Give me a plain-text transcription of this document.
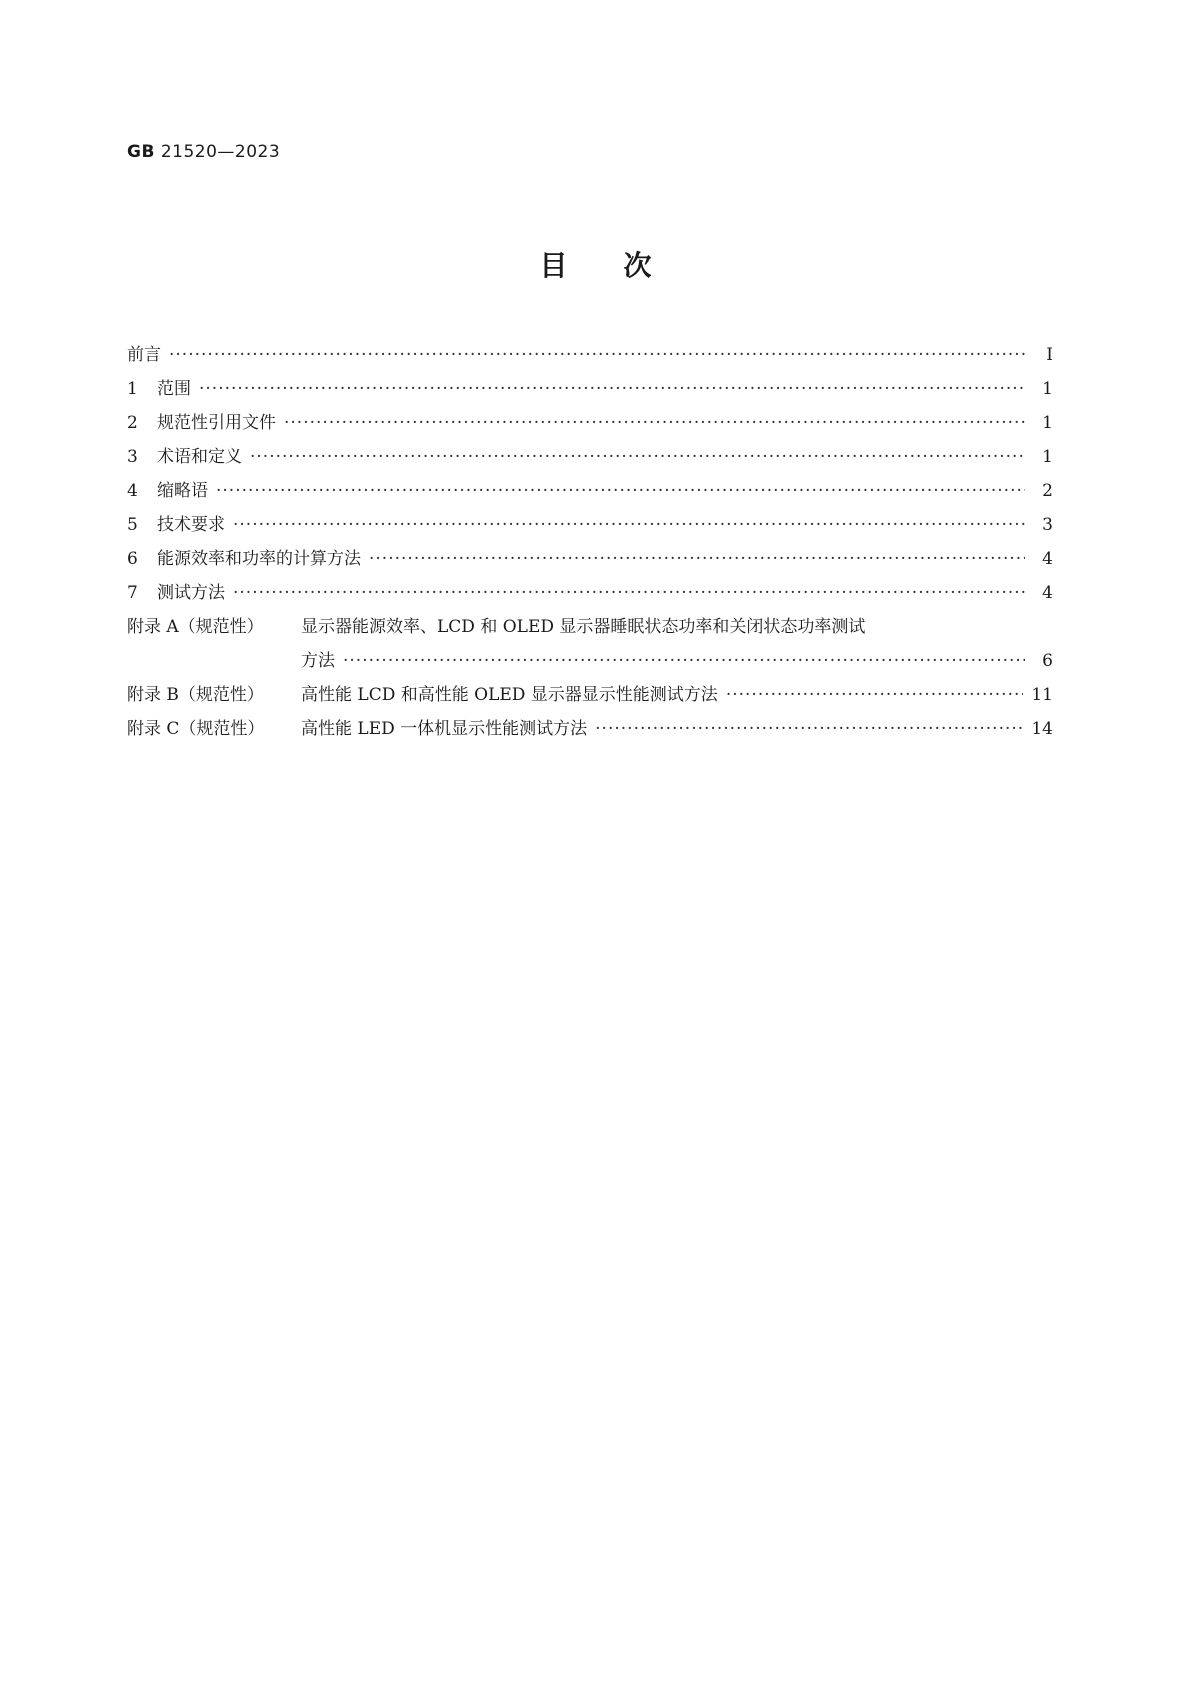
GB 21520—2023
目 次
前言 ·····	Ⅰ
1	范围 ·····	1
2	规范性引用文件 ·····	1
3	术语和定义 ·····	1
4	缩略语 ·····	2
5	技术要求 ·····	3
6	能源效率和功率的计算方法 ·····	4
7	测试方法 ·····	4
附录 A（规范性）	显示器能源效率、LCD 和 OLED 显示器睡眠状态功率和关闭状态功率测试
方法 ·····	6
附录 B（规范性）	高性能 LCD 和高性能 OLED 显示器显示性能测试方法 ·····	11
附录 C（规范性）	高性能 LED 一体机显示性能测试方法 ·····	14
